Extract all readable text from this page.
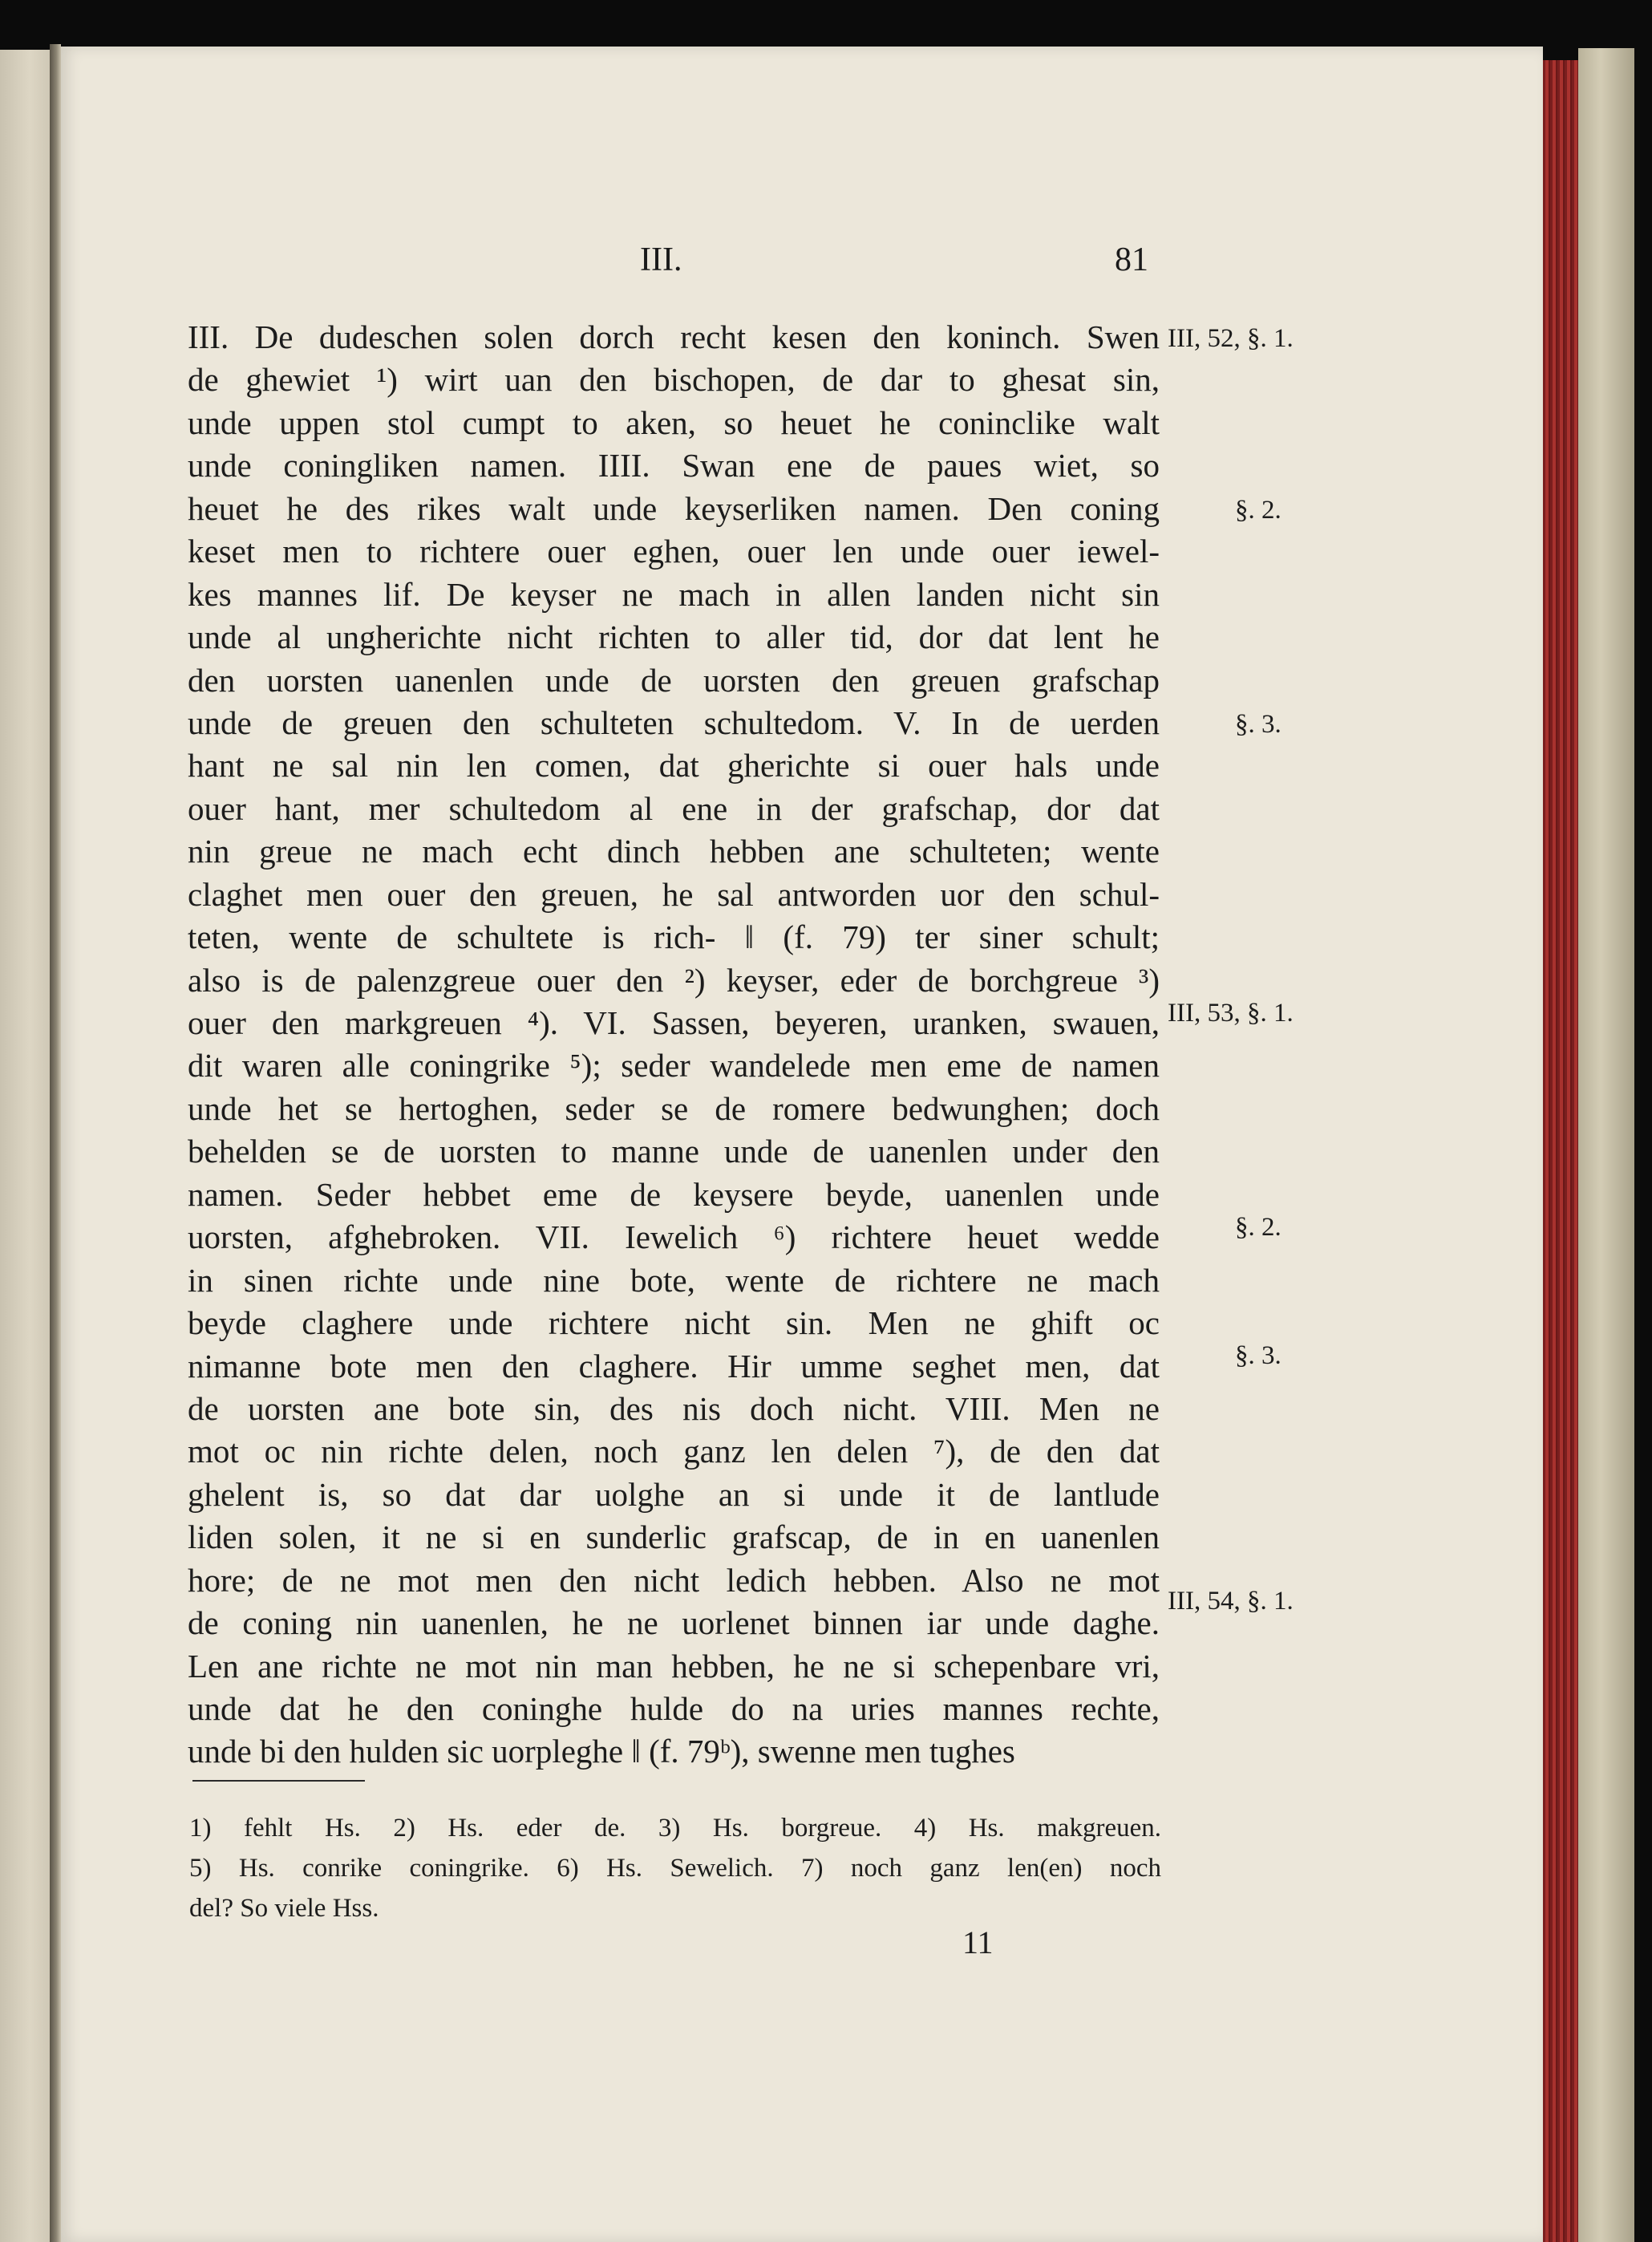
III.	81
III. De dudeschen solen dorch recht kesen den koninch. Swen
de ghewiet ¹) wirt uan den bischopen, de dar to ghesat sin,
unde uppen stol cumpt to aken, so heuet he coninclike walt
unde coningliken namen. IIII. Swan ene de paues wiet, so
heuet he des rikes walt unde keyserliken namen. Den coning
keset men to richtere ouer eghen, ouer len unde ouer iewel-
kes mannes lif. De keyser ne mach in allen landen nicht sin
unde al ungherichte nicht richten to aller tid, dor dat lent he
den uorsten uanenlen unde de uorsten den greuen grafschap
unde de greuen den schulteten schultedom. V. In de uerden
hant ne sal nin len comen, dat gherichte si ouer hals unde
ouer hant, mer schultedom al ene in der grafschap, dor dat
nin greue ne mach echt dinch hebben ane schulteten; wente
claghet men ouer den greuen, he sal antworden uor den schul-
teten, wente de schultete is rich- ‖ (f. 79) ter siner schult;
also is de palenzgreue ouer den ²) keyser, eder de borchgreue ³)
ouer den markgreuen ⁴). VI. Sassen, beyeren, uranken, swauen,
dit waren alle coningrike ⁵); seder wandelede men eme de namen
unde het se hertoghen, seder se de romere bedwunghen; doch
behelden se de uorsten to manne unde de uanenlen under den
namen. Seder hebbet eme de keysere beyde, uanenlen unde
uorsten, afghebroken. VII. Iewelich ⁶) richtere heuet wedde
in sinen richte unde nine bote, wente de richtere ne mach
beyde claghere unde richtere nicht sin. Men ne ghift oc
nimanne bote men den claghere. Hir umme seghet men, dat
de uorsten ane bote sin, des nis doch nicht. VIII. Men ne
mot oc nin richte delen, noch ganz len delen ⁷), de den dat
ghelent is, so dat dar uolghe an si unde it de lantlude
liden solen, it ne si en sunderlic grafscap, de in en uanenlen
hore; de ne mot men den nicht ledich hebben. Also ne mot
de coning nin uanenlen, he ne uorlenet binnen iar unde daghe.
Len ane richte ne mot nin man hebben, he ne si schepenbare vri,
unde dat he den coninghe hulde do na uries mannes rechte,
unde bi den hulden sic uorpleghe ‖ (f. 79ᵇ), swenne men tughes
III, 52, §. 1.
§. 2.
§. 3.
III, 53, §. 1.
§. 2.
§. 3.
III, 54, §. 1.
1) fehlt Hs. 2) Hs. eder de. 3) Hs. borgreue. 4) Hs. makgreuen.
5) Hs. conrike coningrike. 6) Hs. Sewelich. 7) noch ganz len(en) noch
del? So viele Hss.
11
